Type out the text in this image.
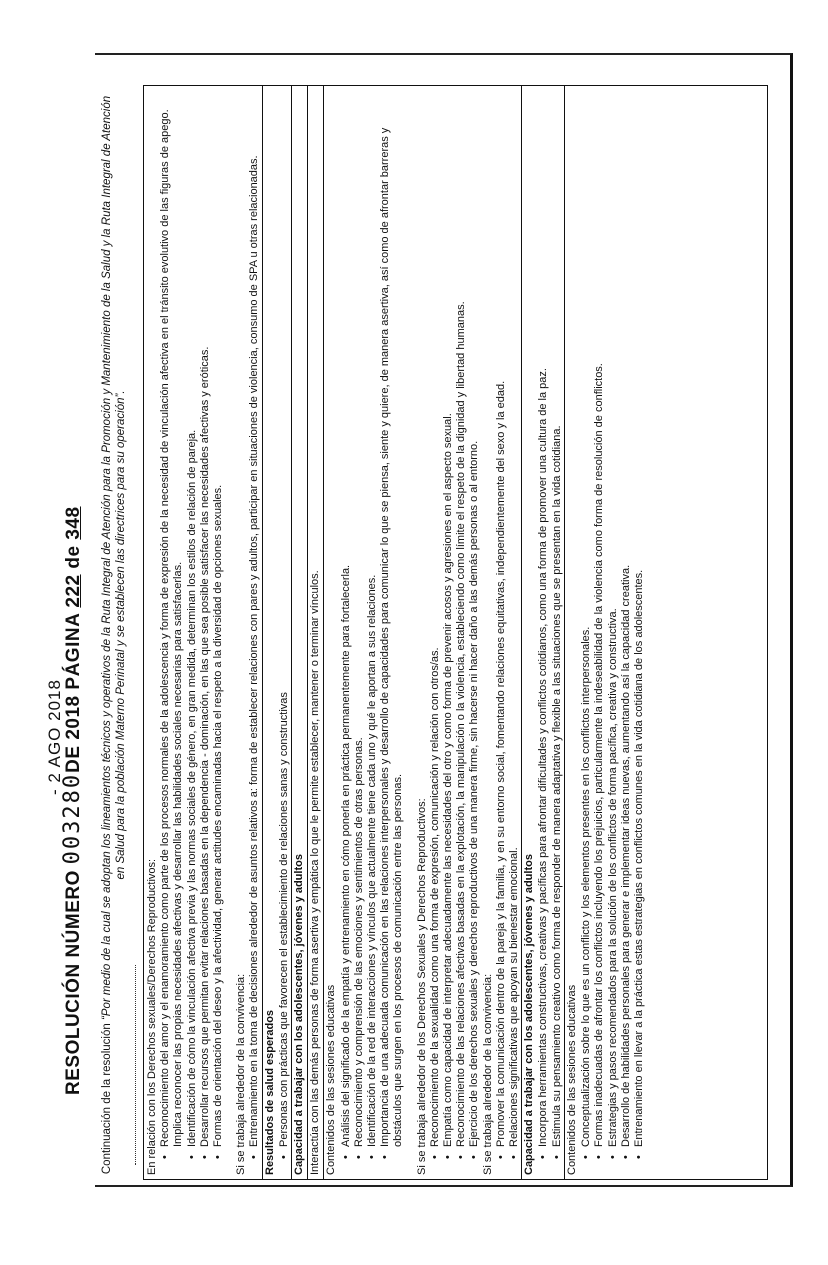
- 2 AGO 2018
RESOLUCIÓN NÚMERO 003280DE 2018 PÁGINA 222 de 348
Continuación de la resolución “Por medio de la cual se adoptan los lineamientos técnicos y operativos de la Ruta Integral de Atención para la Promoción y Mantenimiento de la Salud y la Ruta Integral de Atención en Salud para la población Materno Perinatal y se establecen las directrices para su operación”.
En relación con los Derechos sexuales/Derechos Reproductivos: • Reconocimiento del amor y el enamoramiento como parte de los procesos normales de la adolescencia y forma de expresión de la necesidad de vinculación afectiva en el tránsito evolutivo de las figuras de apego. Implica reconocer las propias necesidades afectivas y desarrollar las habilidades sociales necesarias para satisfacerlas. • Identificación de cómo la vinculación afectiva previa y las normas sociales de género, en gran medida, determinan los estilos de relación de pareja. • Desarrollar recursos que permitan evitar relaciones basadas en la dependencia - dominación, en las que sea posible satisfacer las necesidades afectivas y eróticas. • Formas de orientación del deseo y la afectividad, generar actitudes encaminadas hacia el respeto a la diversidad de opciones sexuales. Si se trabaja alrededor de la convivencia: • Entrenamiento en la toma de decisiones alrededor de asuntos relativos a: forma de establecer relaciones con pares y adultos, participar en situaciones de violencia, consumo de SPA u otras relacionadas. Resultados de salud esperados • Personas con prácticas que favorecen el establecimiento de relaciones sanas y constructivas Capacidad a trabajar con los adolescentes, jóvenes y adultos Interactúa con las demás personas de forma asertiva y empática lo que le permite establecer, mantener o terminar vínculos. Contenidos de las sesiones educativas • Análisis del significado de la empatía y entrenamiento en cómo ponerla en práctica permanentemente para fortalecerla. • Reconocimiento y comprensión de las emociones y sentimientos de otras personas. • Identificación de la red de interacciones y vínculos que actualmente tiene cada uno y qué le aportan a sus relaciones. • Importancia de una adecuada comunicación en las relaciones interpersonales y desarrollo de capacidades para comunicar lo que se piensa, siente y quiere, de manera asertiva, así como de afrontar barreras y obstáculos que surgen en los procesos de comunicación entre las personas. Si se trabaja alrededor de los Derechos Sexuales y Derechos Reproductivos: • Reconocimiento de la sexualidad como una forma de expresión, comunicación y relación con otros/as. • Empatía como capacidad de interpretar adecuadamente las necesidades del otro y como forma de prevenir acosos y agresiones en el aspecto sexual. • Reconocimiento de las relaciones afectivas basadas en la explotación, la manipulación o la violencia, estableciendo como límite el respeto de la dignidad y libertad humanas. • Ejercicio de los derechos sexuales y derechos reproductivos de una manera firme, sin hacerse ni hacer daño a las demás personas o al entorno. Si se trabaja alrededor de la convivencia: • Promover la comunicación dentro de la pareja y la familia, y en su entorno social, fomentando relaciones equitativas, independientemente del sexo y la edad. • Relaciones significativas que apoyan su bienestar emocional. Capacidad a trabajar con los adolescentes, jóvenes y adultos • Incorpora herramientas constructivas, creativas y pacíficas para afrontar dificultades y conflictos cotidianos, como una forma de promover una cultura de la paz. • Estimula su pensamiento creativo como forma de responder de manera adaptativa y flexible a las situaciones que se presentan en la vida cotidiana. Contenidos de las sesiones educativas • Conceptualización sobre lo que es un conflicto y los elementos presentes en los conflictos interpersonales. • Formas inadecuadas de afrontar los conflictos incluyendo los prejuicios, particularmente la indeseabilidad de la violencia como forma de resolución de conflictos. • Estrategias y pasos recomendados para la solución de los conflictos de forma pacífica, creativa y constructiva. • Desarrollo de habilidades personales para generar e implementar ideas nuevas, aumentando así la capacidad creativa. • Entrenamiento en llevar a la práctica estas estrategias en conflictos comunes en la vida cotidiana de los adolescentes.
